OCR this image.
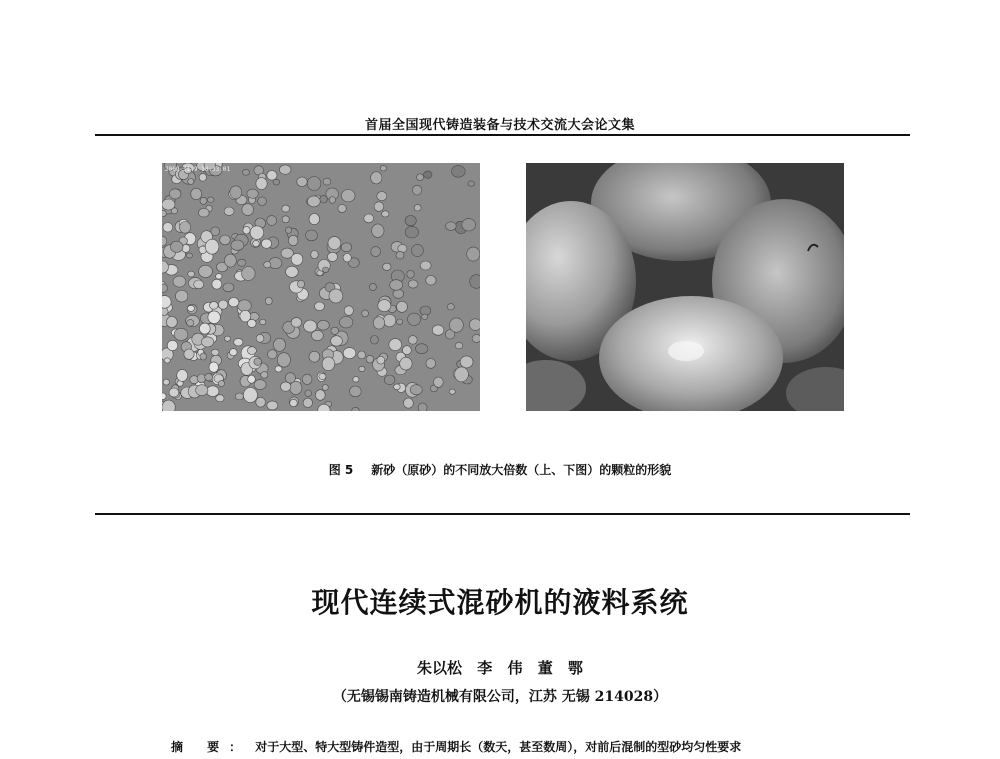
首届全国现代铸造装备与技术交流大会论文集
2009-11-9 10:33:01
图 5 新砂（原砂）的不同放大倍数（上、下图）的颗粒的形貌
现代连续式混砂机的液料系统
朱以松 李 伟 董 鄂
（无锡锡南铸造机械有限公司，江苏 无锡 214028）
摘 要： 对于大型、特大型铸件造型，由于周期长（数天，甚至数周），对前后混制的型砂均匀性要求
